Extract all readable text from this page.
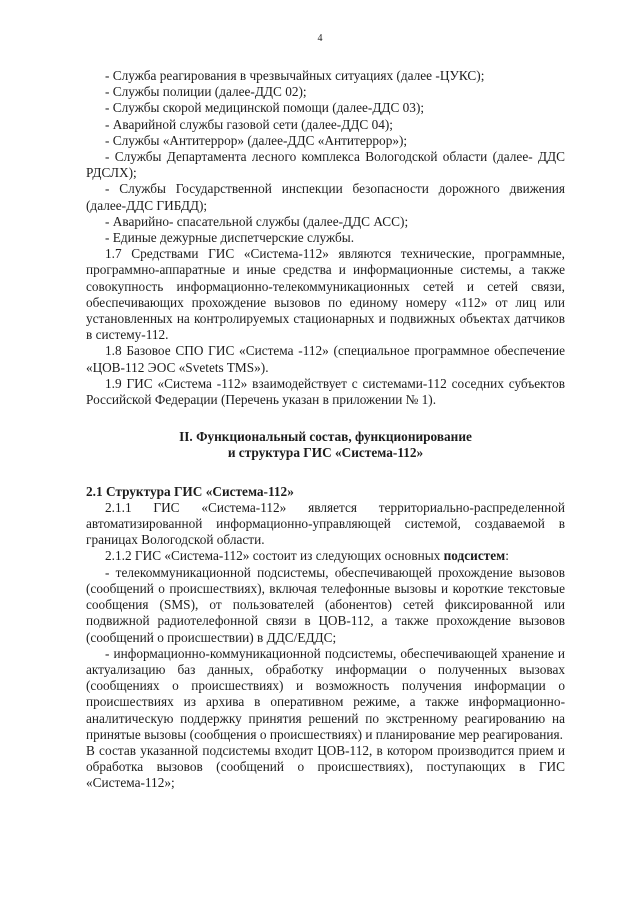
4

- Служба реагирования в чрезвычайных ситуациях (далее -ЦУКС);

- Службы полиции (далее-ДДС 02);

- Службы скорой медицинской помощи (далее-ДДС 03);

- Аварийной службы газовой сети (далее-ДДС 04);

- Службы «Антитеррор» (далее-ДДС «Антитеррор»);

- Службы Департамента лесного комплекса Вологодской области (далее- ДДС РДСЛХ);

- Службы Государственной инспекции безопасности дорожного движения (далее-ДДС ГИБДД);

- Аварийно- спасательной службы (далее-ДДС АСС);

- Единые дежурные диспетчерские службы.

1.7 Средствами ГИС «Система-112» являются технические, программные, программно-аппаратные и иные средства и информационные системы, а также совокупность информационно-телекоммуникационных сетей и сетей связи, обеспечивающих прохождение вызовов по единому номеру «112» от лиц или установленных на контролируемых стационарных и подвижных объектах датчиков в систему-112.

1.8 Базовое СПО ГИС «Система -112» (специальное программное обеспечение «ЦОВ-112 ЭОС «Svetets TMS»).

1.9 ГИС «Система -112» взаимодействует с системами-112 соседних субъектов Российской Федерации (Перечень указан в приложении № 1).

II. Функциональный состав, функционирование

и структура ГИС «Система-112»

2.1 Структура ГИС «Система-112»

2.1.1 ГИС «Система-112» является территориально-распределенной автоматизированной информационно-управляющей системой, создаваемой в границах Вологодской области.

2.1.2 ГИС «Система-112» состоит из следующих основных подсистем:

- телекоммуникационной подсистемы, обеспечивающей прохождение вызовов (сообщений о происшествиях), включая телефонные вызовы и короткие текстовые сообщения (SMS), от пользователей (абонентов) сетей фиксированной или подвижной радиотелефонной связи в ЦОВ-112, а также прохождение вызовов (сообщений о происшествии) в ДДС/ЕДДС;

- информационно-коммуникационной подсистемы, обеспечивающей хранение и актуализацию баз данных, обработку информации о полученных вызовах (сообщениях о происшествиях) и возможность получения информации о происшествиях из архива в оперативном режиме, а также информационно-аналитическую поддержку принятия решений по экстренному реагированию на принятые вызовы (сообщения о происшествиях) и планирование мер реагирования.

В состав указанной подсистемы входит ЦОВ-112, в котором производится прием и обработка вызовов (сообщений о происшествиях), поступающих в ГИС «Система-112»;
